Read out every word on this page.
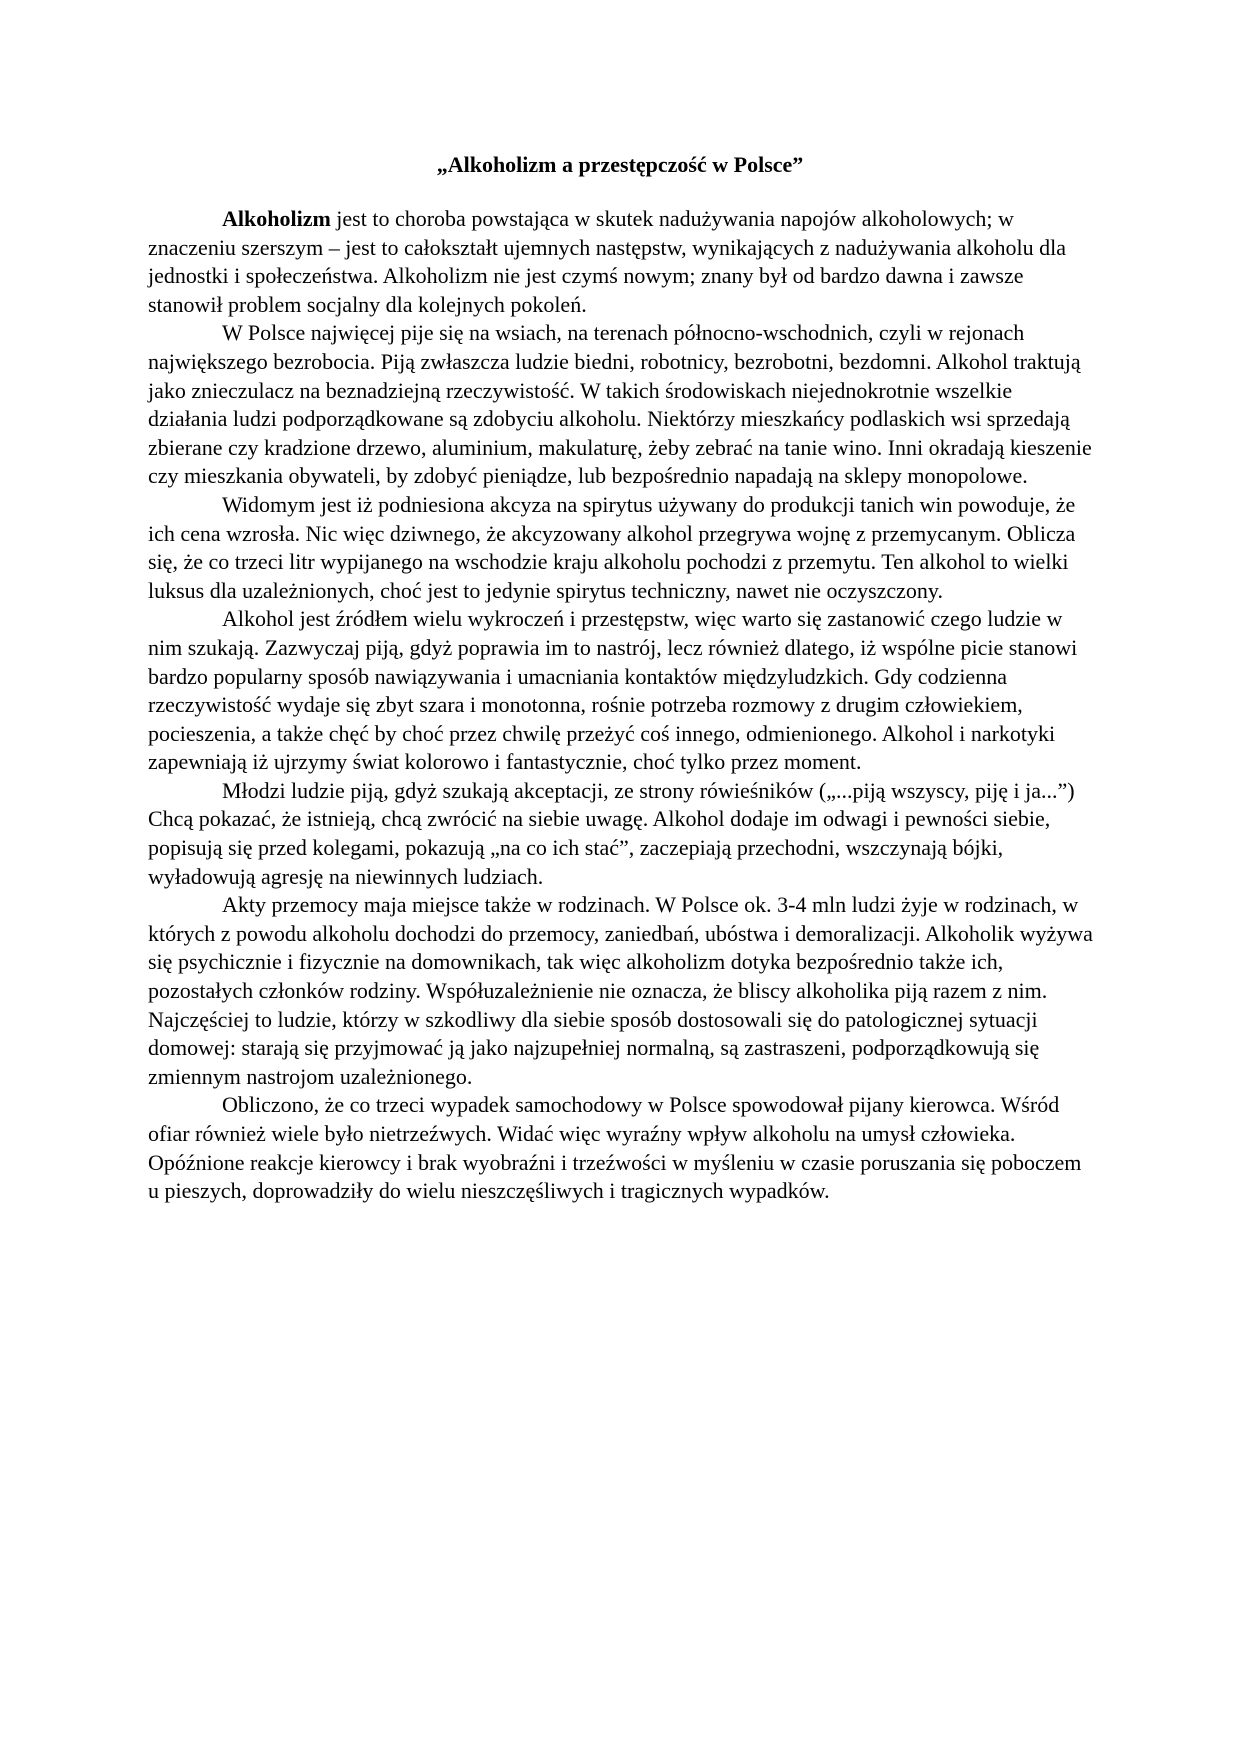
„Alkoholizm a przestępczość w Polsce”

Alkoholizm jest to choroba powstająca w skutek nadużywania napojów alkoholowych; w znaczeniu szerszym – jest to całokształt ujemnych następstw, wynikających z nadużywania alkoholu dla jednostki i społeczeństwa. Alkoholizm nie jest czymś nowym; znany był od bardzo dawna i zawsze stanowił problem socjalny dla kolejnych pokoleń.

W Polsce najwięcej pije się na wsiach, na terenach północno-wschodnich, czyli w rejonach największego bezrobocia. Piją zwłaszcza ludzie biedni, robotnicy, bezrobotni, bezdomni. Alkohol traktują jako znieczulacz na beznadziejną rzeczywistość. W takich środowiskach niejednokrotnie wszelkie działania ludzi podporządkowane są zdobyciu alkoholu. Niektórzy mieszkańcy podlaskich wsi sprzedają zbierane czy kradzione drzewo, aluminium, makulaturę, żeby zebrać na tanie wino. Inni okradają kieszenie czy mieszkania obywateli, by zdobyć pieniądze, lub bezpośrednio napadają na sklepy monopolowe.

Widomym jest iż podniesiona akcyza na spirytus używany do produkcji tanich win powoduje, że ich cena wzrosła. Nic więc dziwnego, że akcyzowany alkohol przegrywa wojnę z przemycanym. Oblicza się, że co trzeci litr wypijanego na wschodzie kraju alkoholu pochodzi z przemytu. Ten alkohol to wielki luksus dla uzależnionych, choć jest to jedynie spirytus techniczny, nawet nie oczyszczony.

Alkohol jest źródłem wielu wykroczeń i przestępstw, więc warto się zastanowić czego ludzie w nim szukają. Zazwyczaj piją, gdyż poprawia im to nastrój, lecz również dlatego, iż wspólne picie stanowi bardzo popularny sposób nawiązywania i umacniania kontaktów międzyludzkich. Gdy codzienna rzeczywistość wydaje się zbyt szara i monotonna, rośnie potrzeba rozmowy z drugim człowiekiem, pocieszenia, a także chęć by choć przez chwilę przeżyć coś innego, odmienionego. Alkohol i narkotyki zapewniają iż ujrzymy świat kolorowo i fantastycznie, choć tylko przez moment.

Młodzi ludzie piją, gdyż szukają akceptacji, ze strony rówieśników („...piją wszyscy, piję i ja...”) Chcą pokazać, że istnieją, chcą zwrócić na siebie uwagę. Alkohol dodaje im odwagi i pewności siebie, popisują się przed kolegami, pokazują „na co ich stać”, zaczepiają przechodni, wszczynają bójki, wyładowują agresję na niewinnych ludziach.

Akty przemocy maja miejsce także w rodzinach. W Polsce ok. 3-4 mln ludzi żyje w rodzinach, w których z powodu alkoholu dochodzi do przemocy, zaniedbań, ubóstwa i demoralizacji. Alkoholik wyżywa się psychicznie i fizycznie na domownikach, tak więc alkoholizm dotyka bezpośrednio także ich, pozostałych członków rodziny. Współuzależnienie nie oznacza, że bliscy alkoholika piją razem z nim. Najczęściej to ludzie, którzy w szkodliwy dla siebie sposób dostosowali się do patologicznej sytuacji domowej: starają się przyjmować ją jako najzupełniej normalną, są zastraszeni, podporządkowują się zmiennym nastrojom uzależnionego.

Obliczono, że co trzeci wypadek samochodowy w Polsce spowodował pijany kierowca. Wśród ofiar również wiele było nietrzeźwych. Widać więc wyraźny wpływ alkoholu na umysł człowieka. Opóźnione reakcje kierowcy i brak wyobraźni i trzeźwości w myśleniu w czasie poruszania się poboczem u pieszych, doprowadziły do wielu nieszczęśliwych i tragicznych wypadków.
